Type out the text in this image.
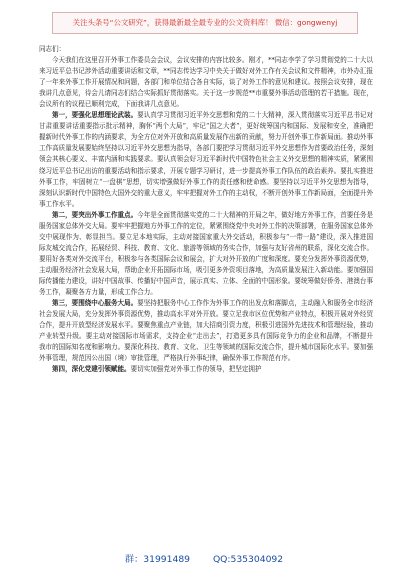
关注头条号“公文研究”，获得最新最全最专业的公文资料库！ 微信：gongwenyj

同志们：

今天我们在这里召开外事工作委员会会议，会议安排的内容比较多。刚才，**同志李学了学习贯彻党的二十大以来习近平总书记涉外活动重要讲话和文章，**同志传达学习中央关于做好对外工作有关会议和文件精神，市外办汇报了一年来外事工作开展情况和问题，各部门和单位结合各自实际，谈了对外工作的意见和建议。按照会议安排，现在我讲几点意见，待会儿请同志们结合实际抓好贯彻落实。关于这一步规范**市重要外事活动管理的若干措施。现在，会议所有的议程已顺利完成，下面我讲几点意见。

第一，要强化思想理论武装。要认真学习贯彻习近平外交思想和党的二十大精神，深入贯彻落实习近平总书记对甘肃重要讲话重要指示批示精神，胸怀“两个大局”，牢记“国之大者”，更好统筹国内和国际、发展和安全，准确把握新时代外事工作的内涵要求，为全方位对外开放和高质量发展作出新的贡献，努力开创外事工作新局面。推动外事工作高质量发展要始终坚持以习近平外交思想为指导，各部门要把学习贯彻习近平外交思想作为首要政治任务，深刻领会其核心要义、丰富内涵和实践要求。要认真领会好习近平新时代中国特色社会主义外交思想的精神实质，紧紧围绕习近平总书记出访的重要活动和指示要求，开展专题学习研讨，进一步提高外事工作队伍的政治素养。要扎实推进外事工作，牢固树立“一盘棋”思想，切实增强做好外事工作的责任感和使命感。要坚持以习近平外交思想为指导，深刻认识新时代中国特色大国外交的重大意义，牢牢把握对外工作的主动权，不断开创外事工作新局面，全面提升外事工作水平。

第二，要突出外事工作重点。今年是全面贯彻落实党的二十大精神的开局之年，做好地方外事工作，首要任务是服务国家总体外交大局。要牢牢把握地方外事工作的定位，紧紧围绕党中央对外工作的决策部署，在服务国家总体外交中展现作为、彰显担当。要立足本地实际，主动对接国家重大外交活动，积极参与“一带一路”建设，深入推进国际友城交流合作，拓展经贸、科技、教育、文化、旅游等领域的务实合作，加强与友好省州的联系，深化交流合作。要用好各类对外交流平台，积极参与各类国际会议和展会，扩大对外开放的广度和深度。要充分发挥外事资源优势，主动服务经济社会发展大局，帮助企业开拓国际市场，吸引更多外资项目落地，为高质量发展注入新动能。要加强国际传播能力建设，讲好中国故事、传播好中国声音，展示真实、立体、全面的中国形象。要统筹做好侨务、港澳台事务工作，凝聚各方力量，形成工作合力。

第三，要围绕中心服务大局。要坚持把服务中心工作作为外事工作的出发点和落脚点，主动融入和服务全市经济社会发展大局，充分发挥外事资源优势，推动高水平对外开放。要立足我市区位优势和产业特点，积极开展对外经贸合作，提升开放型经济发展水平。要聚焦重点产业链，加大招商引资力度，积极引进国外先进技术和管理经验，推动产业转型升级。要主动对接国际市场需求，支持企业“走出去”，打造更多具有国际竞争力的企业和品牌，不断提升我市的国际知名度和影响力。要深化科技、教育、文化、卫生等领域的国际交流合作，提升城市国际化水平。要加强外事管理，规范因公出国（境）审批管理，严格执行外事纪律，确保外事工作规范有序。

第四，深化党建引领赋能。要切实加强党对外事工作的领导，把坚定拥护

群：31991489 QQ:535304092
